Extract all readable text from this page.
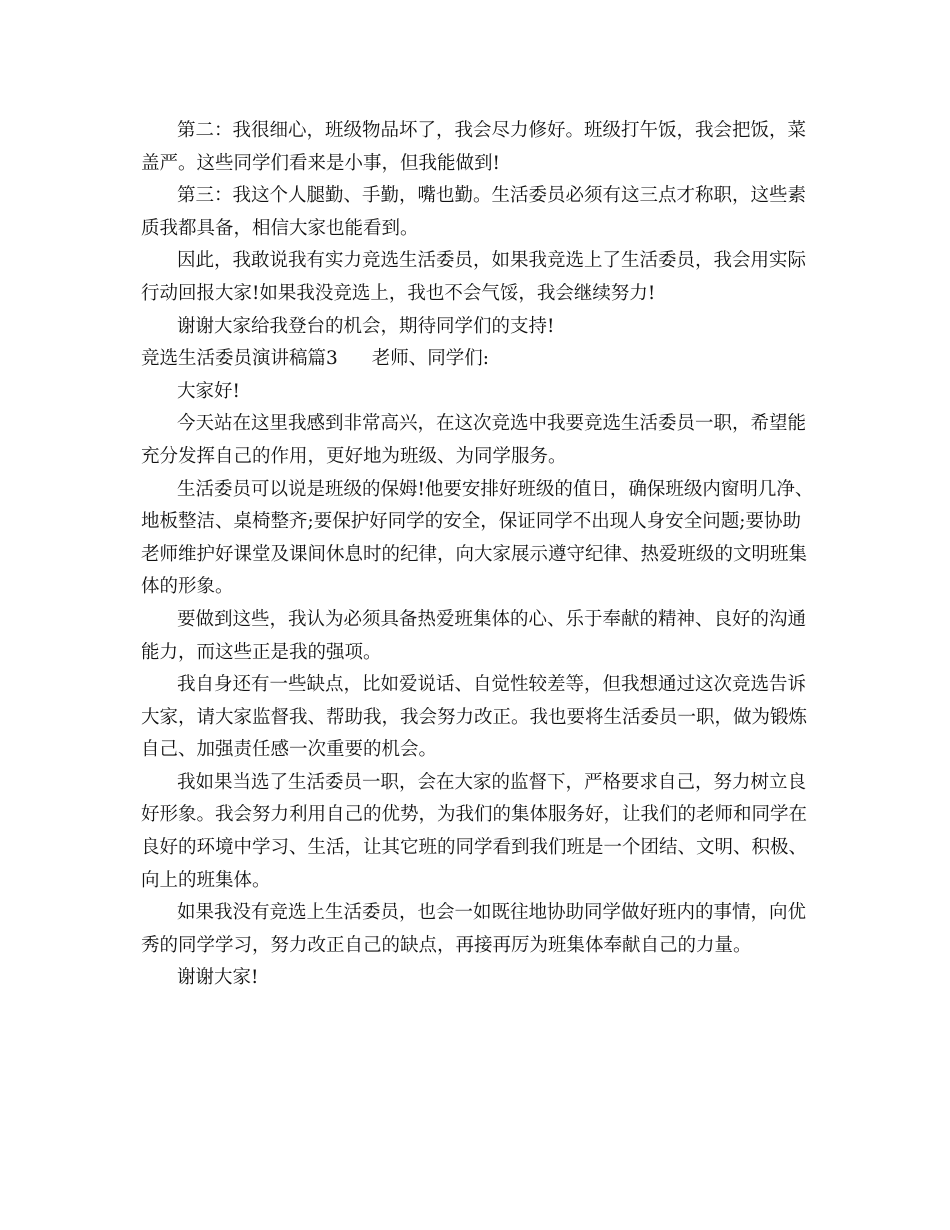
第二：我很细心，班级物品坏了，我会尽力修好。班级打午饭，我会把饭，菜
盖严。这些同学们看来是小事，但我能做到!
第三：我这个人腿勤、手勤，嘴也勤。生活委员必须有这三点才称职，这些素
质我都具备，相信大家也能看到。
因此，我敢说我有实力竞选生活委员，如果我竞选上了生活委员，我会用实际
行动回报大家!如果我没竞选上，我也不会气馁，我会继续努力!
谢谢大家给我登台的机会，期待同学们的支持!
竞选生活委员演讲稿篇3 老师、同学们:
大家好!
今天站在这里我感到非常高兴，在这次竞选中我要竞选生活委员一职，希望能
充分发挥自己的作用，更好地为班级、为同学服务。
生活委员可以说是班级的保姆!他要安排好班级的值日，确保班级内窗明几净、
地板整洁、桌椅整齐;要保护好同学的安全，保证同学不出现人身安全问题;要协助
老师维护好课堂及课间休息时的纪律，向大家展示遵守纪律、热爱班级的文明班集
体的形象。
要做到这些，我认为必须具备热爱班集体的心、乐于奉献的精神、良好的沟通
能力，而这些正是我的强项。
我自身还有一些缺点，比如爱说话、自觉性较差等，但我想通过这次竞选告诉
大家，请大家监督我、帮助我，我会努力改正。我也要将生活委员一职，做为锻炼
自己、加强责任感一次重要的机会。
我如果当选了生活委员一职，会在大家的监督下，严格要求自己，努力树立良
好形象。我会努力利用自己的优势，为我们的集体服务好，让我们的老师和同学在
良好的环境中学习、生活，让其它班的同学看到我们班是一个团结、文明、积极、
向上的班集体。
如果我没有竞选上生活委员，也会一如既往地协助同学做好班内的事情，向优
秀的同学学习，努力改正自己的缺点，再接再厉为班集体奉献自己的力量。
谢谢大家!
